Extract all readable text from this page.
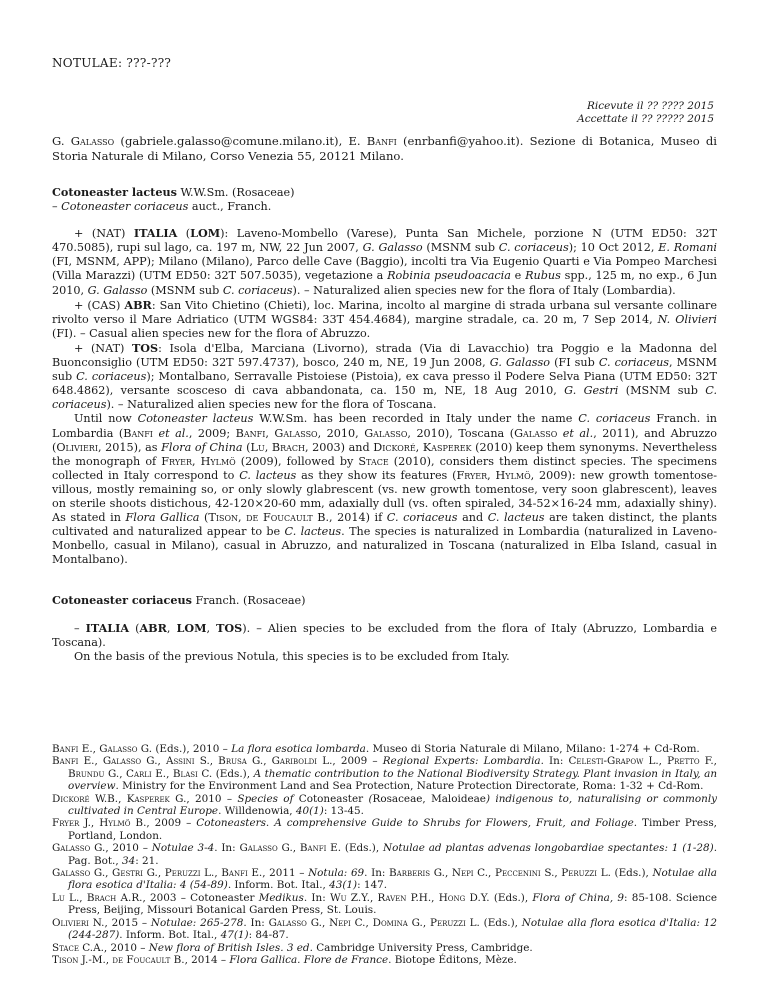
NOTULAE: ???-???
Ricevute il ?? ???? 2015
Accettate il ?? ????? 2015
G. Galasso (gabriele.galasso@comune.milano.it), E. Banfi (enrbanfi@yahoo.it). Sezione di Botanica, Museo di Storia Naturale di Milano, Corso Venezia 55, 20121 Milano.

Cotoneaster lacteus W.W.Sm. (Rosaceae)

– Cotoneaster coriaceus auct., Franch.

+ (NAT) ITALIA (LOM): Laveno-Mombello (Varese), Punta San Michele, porzione N (UTM ED50: 32T 470.5085), rupi sul lago, ca. 197 m, NW, 22 Jun 2007, G. Galasso (MSNM sub C. coriaceus); 10 Oct 2012, E. Romani (FI, MSNM, APP); Milano (Milano), Parco delle Cave (Baggio), incolti tra Via Eugenio Quarti e Via Pompeo Marchesi (Villa Marazzi) (UTM ED50: 32T 507.5035), vegetazione a Robinia pseudoacacia e Rubus spp., 125 m, no exp., 6 Jun 2010, G. Galasso (MSNM sub C. coriaceus). – Naturalized alien species new for the flora of Italy (Lombardia).

+ (CAS) ABR: San Vito Chietino (Chieti), loc. Marina, incolto al margine di strada urbana sul versante collinare rivolto verso il Mare Adriatico (UTM WGS84: 33T 454.4684), margine stradale, ca. 20 m, 7 Sep 2014, N. Olivieri (FI). – Casual alien species new for the flora of Abruzzo.

+ (NAT) TOS: Isola d'Elba, Marciana (Livorno), strada (Via di Lavacchio) tra Poggio e la Madonna del Buonconsiglio (UTM ED50: 32T 597.4737), bosco, 240 m, NE, 19 Jun 2008, G. Galasso (FI sub C. coriaceus, MSNM sub C. coriaceus); Montalbano, Serravalle Pistoiese (Pistoia), ex cava presso il Podere Selva Piana (UTM ED50: 32T 648.4862), versante scosceso di cava abbandonata, ca. 150 m, NE, 18 Aug 2010, G. Gestri (MSNM sub C. coriaceus). – Naturalized alien species new for the flora of Toscana.

Until now Cotoneaster lacteus W.W.Sm. has been recorded in Italy under the name C. coriaceus Franch. in Lombardia (Banfi et al., 2009; Banfi, Galasso, 2010, Galasso, 2010), Toscana (Galasso et al., 2011), and Abruzzo (Olivieri, 2015), as Flora of China (Lu, Brach, 2003) and Dickoré, Kasperek (2010) keep them synonyms. Nevertheless the monograph of Fryer, Hylmö (2009), followed by Stace (2010), considers them distinct species. The specimens collected in Italy correspond to C. lacteus as they show its features (Fryer, Hylmö, 2009): new growth tomentose-villous, mostly remaining so, or only slowly glabrescent (vs. new growth tomentose, very soon glabrescent), leaves on sterile shoots distichous, 42-120×20-60 mm, adaxially dull (vs. often spiraled, 34-52×16-24 mm, adaxially shiny). As stated in Flora Gallica (Tison, de Foucault B., 2014) if C. coriaceus and C. lacteus are taken distinct, the plants cultivated and naturalized appear to be C. lacteus. The species is naturalized in Lombardia (naturalized in Laveno-Monbello, casual in Milano), casual in Abruzzo, and naturalized in Toscana (naturalized in Elba Island, casual in Montalbano).

Cotoneaster coriaceus Franch. (Rosaceae)

– ITALIA (ABR, LOM, TOS). – Alien species to be excluded from the flora of Italy (Abruzzo, Lombardia e Toscana).

On the basis of the previous Notula, this species is to be excluded from Italy.

Banfi E., Galasso G. (Eds.), 2010 – La flora esotica lombarda. Museo di Storia Naturale di Milano, Milano: 1-274 + Cd-Rom.

Banfi E., Galasso G., Assini S., Brusa G., Gariboldi L., 2009 – Regional Experts: Lombardia. In: Celesti-Grapow L., Pretto F., Brundu G., Carli E., Blasi C. (Eds.), A thematic contribution to the National Biodiversity Strategy. Plant invasion in Italy, an overview. Ministry for the Environment Land and Sea Protection, Nature Protection Directorate, Roma: 1-32 + Cd-Rom.

Dickoré W.B., Kasperek G., 2010 – Species of Cotoneaster (Rosaceae, Maloideae) indigenous to, naturalising or commonly cultivated in Central Europe. Willdenowia, 40(1): 13-45.

Fryer J., Hylmö B., 2009 – Cotoneasters. A comprehensive Guide to Shrubs for Flowers, Fruit, and Foliage. Timber Press, Portland, London.

Galasso G., 2010 – Notulae 3-4. In: Galasso G., Banfi E. (Eds.), Notulae ad plantas advenas longobardiae spectantes: 1 (1-28). Pag. Bot., 34: 21.

Galasso G., Gestri G., Peruzzi L., Banfi E., 2011 – Notula: 69. In: Barberis G., Nepi C., Peccenini S., Peruzzi L. (Eds.), Notulae alla flora esotica d'Italia: 4 (54-89). Inform. Bot. Ital., 43(1): 147.

Lu L., Brach A.R., 2003 – Cotoneaster Medikus. In: Wu Z.Y., Raven P.H., Hong D.Y. (Eds.), Flora of China, 9: 85-108. Science Press, Beijing, Missouri Botanical Garden Press, St. Louis.

Olivieri N., 2015 – Notulae: 265-278. In: Galasso G., Nepi C., Domina G., Peruzzi L. (Eds.), Notulae alla flora esotica d'Italia: 12 (244-287). Inform. Bot. Ital., 47(1): 84-87.

Stace C.A., 2010 – New flora of British Isles. 3 ed. Cambridge University Press, Cambridge.

Tison J.-M., de Foucault B., 2014 – Flora Gallica. Flore de France. Biotope Éditons, Mèze.
